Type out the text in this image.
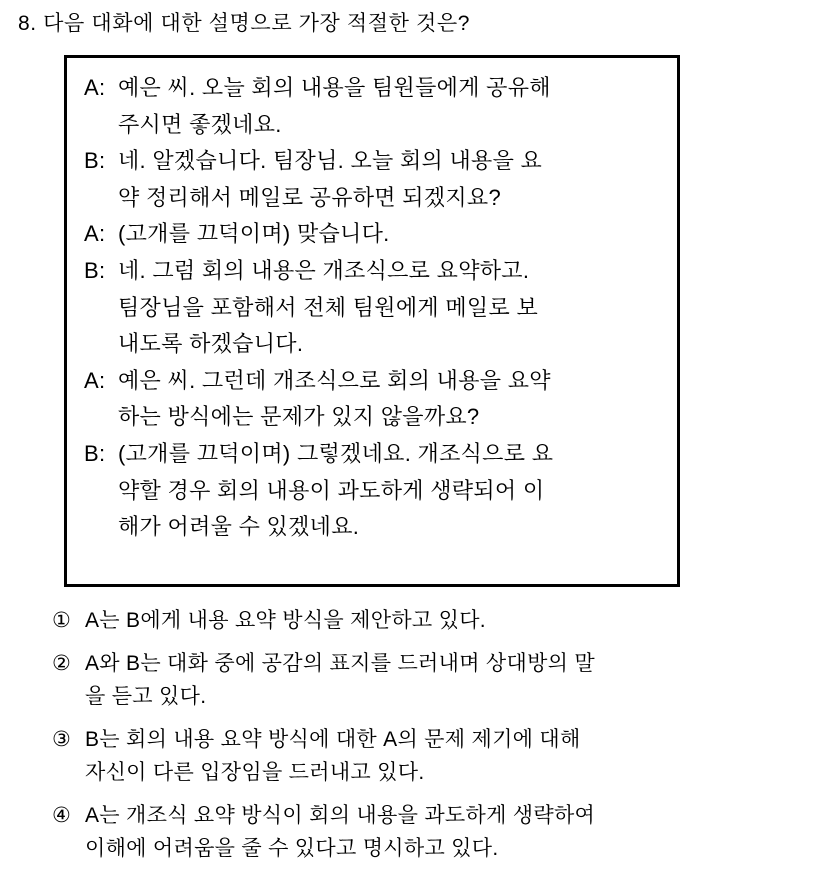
8. 다음 대화에 대한 설명으로 가장 적절한 것은?
A: 예은 씨. 오늘 회의 내용을 팀원들에게 공유해
주시면 좋겠네요.
B: 네. 알겠습니다. 팀장님. 오늘 회의 내용을 요
약 정리해서 메일로 공유하면 되겠지요?
A: (고개를 끄덕이며) 맞습니다.
B: 네. 그럼 회의 내용은 개조식으로 요약하고.
팀장님을 포함해서 전체 팀원에게 메일로 보
내도록 하겠습니다.
A: 예은 씨. 그런데 개조식으로 회의 내용을 요약
하는 방식에는 문제가 있지 않을까요?
B: (고개를 끄덕이며) 그렇겠네요. 개조식으로 요
약할 경우 회의 내용이 과도하게 생략되어 이
해가 어려울 수 있겠네요.
① A는 B에게 내용 요약 방식을 제안하고 있다.
② A와 B는 대화 중에 공감의 표지를 드러내며 상대방의 말
을 듣고 있다.
③ B는 회의 내용 요약 방식에 대한 A의 문제 제기에 대해
자신이 다른 입장임을 드러내고 있다.
④ A는 개조식 요약 방식이 회의 내용을 과도하게 생략하여
이해에 어려움을 줄 수 있다고 명시하고 있다.
